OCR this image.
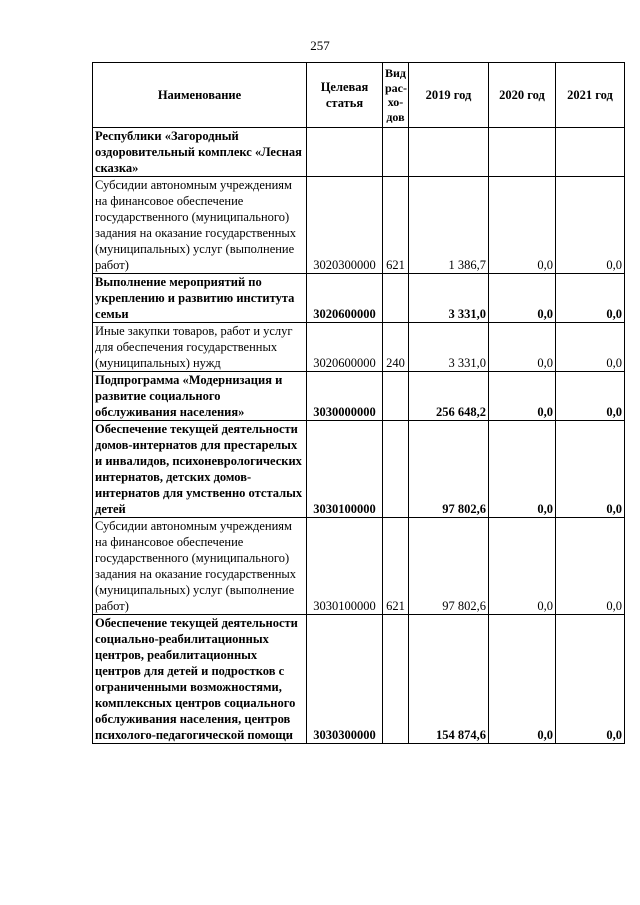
257
Наименование	Целевая статья	Вид рас- хо- дов	2019 год	2020 год	2021 год
Республики «Загородный оздоровительный комплекс «Лесная сказка»					
Субсидии автономным учреждениям на финансовое обеспечение государственного (муниципального) задания на оказание государственных (муниципальных) услуг (выполнение работ)	3020300000	621	1 386,7	0,0	0,0
Выполнение мероприятий по укреплению и развитию института семьи	3020600000		3 331,0	0,0	0,0
Иные закупки товаров, работ и услуг для обеспечения государственных (муниципальных) нужд	3020600000	240	3 331,0	0,0	0,0
Подпрограмма «Модернизация и развитие социального обслуживания населения»	3030000000		256 648,2	0,0	0,0
Обеспечение текущей деятельности домов-интернатов для престарелых и инвалидов, психоневрологических интернатов, детских домов-интернатов для умственно отсталых детей	3030100000		97 802,6	0,0	0,0
Субсидии автономным учреждениям на финансовое обеспечение государственного (муниципального) задания на оказание государственных (муниципальных) услуг (выполнение работ)	3030100000	621	97 802,6	0,0	0,0
Обеспечение текущей деятельности социально-реабилитационных центров, реабилитационных центров для детей и подростков с ограниченными возможностями, комплексных центров социального обслуживания населения, центров психолого-педагогической помощи	3030300000		154 874,6	0,0	0,0
